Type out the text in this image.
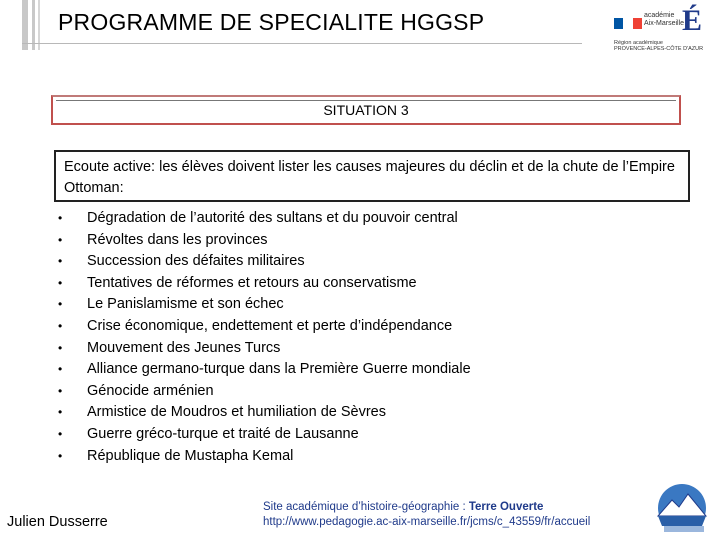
PROGRAMME DE SPECIALITE HGGSP	académie
Aix-Marseille
É
Région académique
PROVENCE-ALPES-CÔTE D'AZUR
SITUATION 3
Ecoute active: les élèves doivent lister les causes majeures du déclin et de la chute de l’Empire Ottoman:
• Dégradation de l’autorité des sultans et du pouvoir central
• Révoltes dans les provinces
• Succession des défaites militaires
• Tentatives de réformes et retours au conservatisme
• Le Panislamisme et son échec
• Crise économique, endettement et perte d’indépendance
• Mouvement des Jeunes Turcs
• Alliance germano-turque dans la Première Guerre mondiale
• Génocide arménien
• Armistice de Moudros et humiliation de Sèvres
• Guerre gréco-turque et traité de Lausanne
• République de Mustapha Kemal
Julien Dusserre
Site académique d’histoire-géographie : Terre Ouverte
http://www.pedagogie.ac-aix-marseille.fr/jcms/c_43559/fr/accueil
